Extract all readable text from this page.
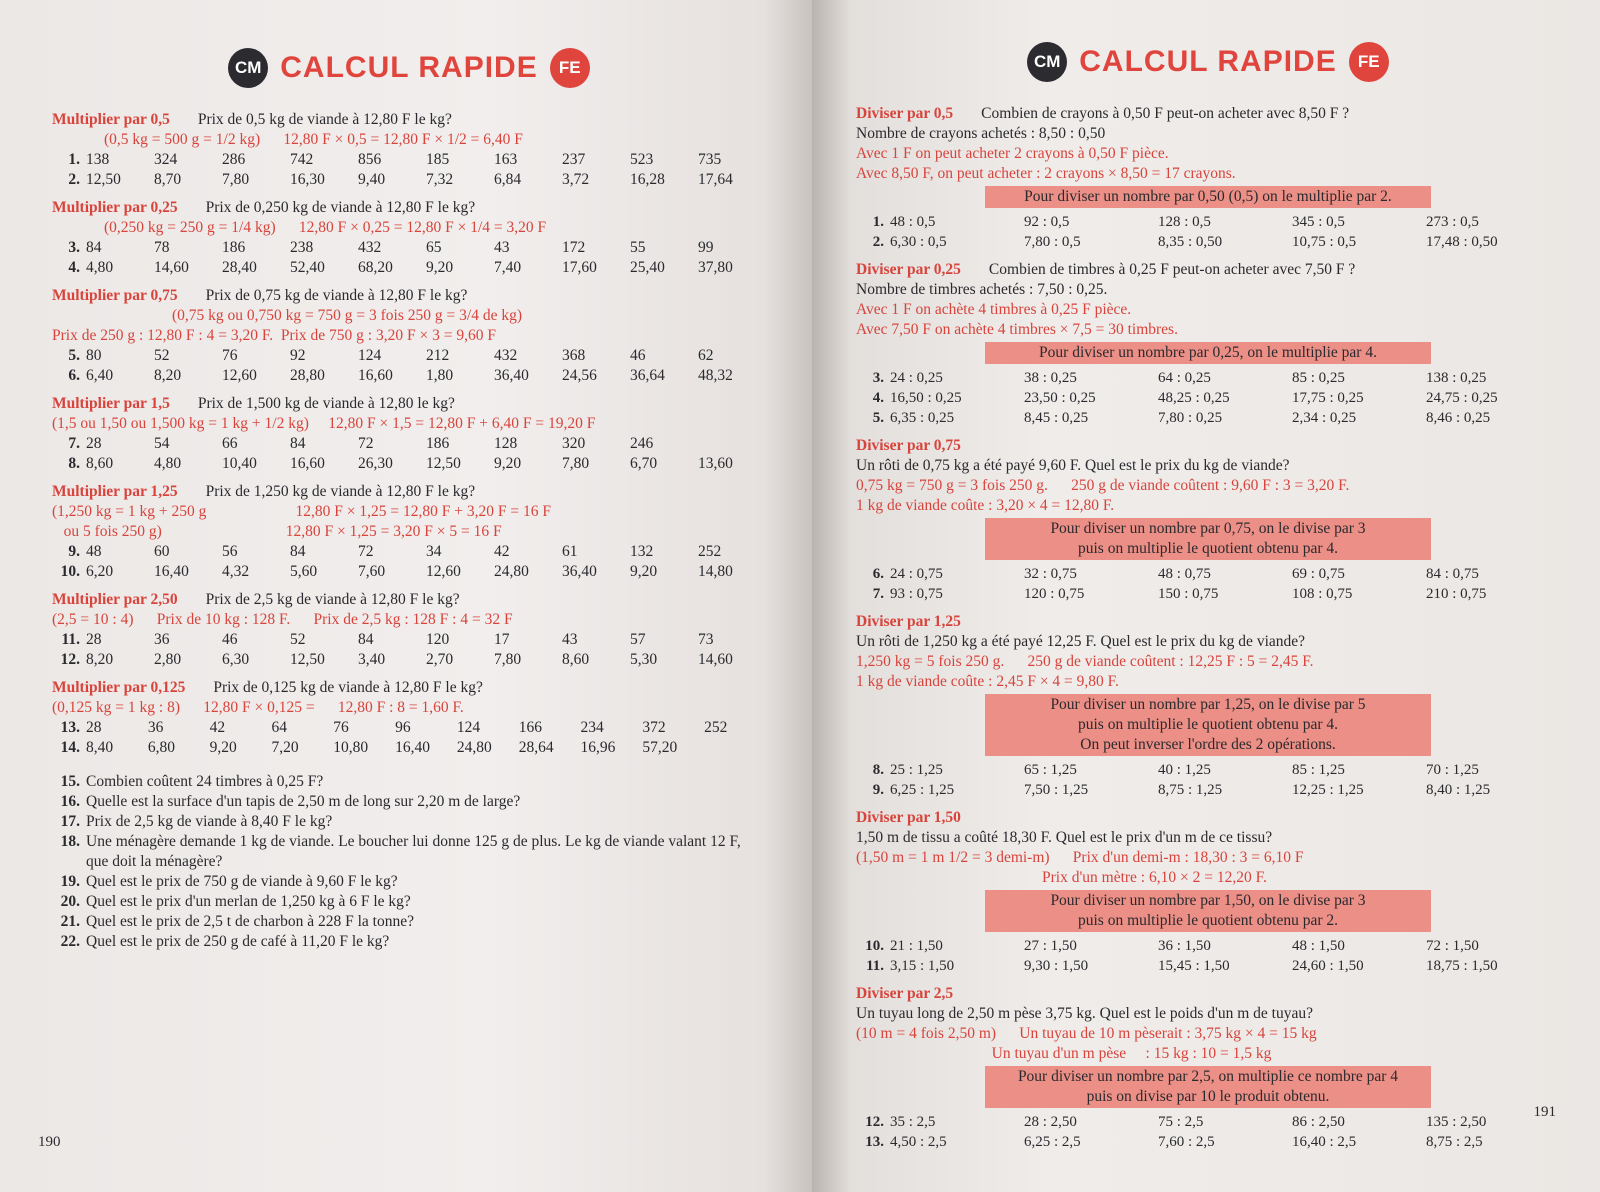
CM CALCUL RAPIDE	FE
Multiplier par 0,5 Prix de 0,5 kg de viande à 12,80 F le kg?
(0,5 kg = 500 g = 1/2 kg)      12,80 F × 0,5 = 12,80 F × 1/2 = 6,40 F
1. 138	324	286	742	856	185	163	237	523	735
2. 12,50	8,70	7,80	16,30	9,40	7,32	6,84	3,72	16,28	17,64
Multiplier par 0,25 Prix de 0,250 kg de viande à 12,80 F le kg?
(0,250 kg = 250 g = 1/4 kg)      12,80 F × 0,25 = 12,80 F × 1/4 = 3,20 F
3. 84	78	186	238	432	65	43	172	55	99
4. 4,80	14,60	28,40	52,40	68,20	9,20	7,40	17,60	25,40	37,80
Multiplier par 0,75 Prix de 0,75 kg de viande à 12,80 F le kg?
(0,75 kg ou 0,750 kg = 750 g = 3 fois 250 g = 3/4 de kg)
Prix de 250 g : 12,80 F : 4 = 3,20 F.  Prix de 750 g : 3,20 F × 3 = 9,60 F
5. 80	52	76	92	124	212	432	368	46	62
6. 6,40	8,20	12,60	28,80	16,60	1,80	36,40	24,56	36,64	48,32
Multiplier par 1,5 Prix de 1,500 kg de viande à 12,80 le kg?
(1,5 ou 1,50 ou 1,500 kg = 1 kg + 1/2 kg)     12,80 F × 1,5 = 12,80 F + 6,40 F = 19,20 F
7. 28	54	66	84	72	186	128	320	246
8. 8,60	4,80	10,40	16,60	26,30	12,50	9,20	7,80	6,70	13,60
Multiplier par 1,25 Prix de 1,250 kg de viande à 12,80 F le kg?
(1,250 kg = 1 kg + 250 g                       12,80 F × 1,25 = 12,80 F + 3,20 F = 16 F
ou 5 fois 250 g)                                12,80 F × 1,25 = 3,20 F × 5 = 16 F
9. 48	60	56	84	72	34	42	61	132	252
10. 6,20	16,40	4,32	5,60	7,60	12,60	24,80	36,40	9,20	14,80
Multiplier par 2,50 Prix de 2,5 kg de viande à 12,80 F le kg?
(2,5 = 10 : 4)      Prix de 10 kg : 128 F.      Prix de 2,5 kg : 128 F : 4 = 32 F
11. 28	36	46	52	84	120	17	43	57	73
12. 8,20	2,80	6,30	12,50	3,40	2,70	7,80	8,60	5,30	14,60
Multiplier par 0,125 Prix de 0,125 kg de viande à 12,80 F le kg?
(0,125 kg = 1 kg : 8)      12,80 F × 0,125 =      12,80 F : 8 = 1,60 F.
13. 28	36	42	64	76	96	124	166	234	372	252
14. 8,40	6,80	9,20	7,20	10,80	16,40	24,80	28,64	16,96	57,20
15. Combien coûtent 24 timbres à 0,25 F?
16. Quelle est la surface d'un tapis de 2,50 m de long sur 2,20 m de large?
17. Prix de 2,5 kg de viande à 8,40 F le kg?
18. Une ménagère demande 1 kg de viande. Le boucher lui donne 125 g de plus. Le kg de viande valant 12 F, que doit la ménagère?
19. Quel est le prix de 750 g de viande à 9,60 F le kg?
20. Quel est le prix d'un merlan de 1,250 kg à 6 F le kg?
21. Quel est le prix de 2,5 t de charbon à 228 F la tonne?
22. Quel est le prix de 250 g de café à 11,20 F le kg?
190
CM CALCUL RAPIDE	FE
Diviser par 0,5 Combien de crayons à 0,50 F peut-on acheter avec 8,50 F ?
Nombre de crayons achetés : 8,50 : 0,50
Avec 1 F on peut acheter 2 crayons à 0,50 F pièce.
Avec 8,50 F, on peut acheter : 2 crayons × 8,50 = 17 crayons.
Pour diviser un nombre par 0,50 (0,5) on le multiplie par 2.
1. 48 : 0,5	92 : 0,5	128 : 0,5	345 : 0,5	273 : 0,5
2. 6,30 : 0,5	7,80 : 0,5	8,35 : 0,50	10,75 : 0,5	17,48 : 0,50
Diviser par 0,25 Combien de timbres à 0,25 F peut-on acheter avec 7,50 F ?
Nombre de timbres achetés : 7,50 : 0,25.
Avec 1 F on achète 4 timbres à 0,25 F pièce.
Avec 7,50 F on achète 4 timbres × 7,5 = 30 timbres.
Pour diviser un nombre par 0,25, on le multiplie par 4.
3. 24 : 0,25	38 : 0,25	64 : 0,25	85 : 0,25	138 : 0,25
4. 16,50 : 0,25	23,50 : 0,25	48,25 : 0,25	17,75 : 0,25	24,75 : 0,25
5. 6,35 : 0,25	8,45 : 0,25	7,80 : 0,25	2,34 : 0,25	8,46 : 0,25
Diviser par 0,75
Un rôti de 0,75 kg a été payé 9,60 F. Quel est le prix du kg de viande?
0,75 kg = 750 g = 3 fois 250 g.      250 g de viande coûtent : 9,60 F : 3 = 3,20 F.
1 kg de viande coûte : 3,20 × 4 = 12,80 F.
Pour diviser un nombre par 0,75, on le divise par 3
puis on multiplie le quotient obtenu par 4.
6. 24 : 0,75	32 : 0,75	48 : 0,75	69 : 0,75	84 : 0,75
7. 93 : 0,75	120 : 0,75	150 : 0,75	108 : 0,75	210 : 0,75
Diviser par 1,25
Un rôti de 1,250 kg a été payé 12,25 F. Quel est le prix du kg de viande?
1,250 kg = 5 fois 250 g.      250 g de viande coûtent : 12,25 F : 5 = 2,45 F.
1 kg de viande coûte : 2,45 F × 4 = 9,80 F.
Pour diviser un nombre par 1,25, on le divise par 5
puis on multiplie le quotient obtenu par 4.
On peut inverser l'ordre des 2 opérations.
8. 25 : 1,25	65 : 1,25	40 : 1,25	85 : 1,25	70 : 1,25
9. 6,25 : 1,25	7,50 : 1,25	8,75 : 1,25	12,25 : 1,25	8,40 : 1,25
Diviser par 1,50
1,50 m de tissu a coûté 18,30 F. Quel est le prix d'un m de ce tissu?
(1,50 m = 1 m 1/2 = 3 demi-m)      Prix d'un demi-m : 18,30 : 3 = 6,10 F
Prix d'un mètre : 6,10 × 2 = 12,20 F.
Pour diviser un nombre par 1,50, on le divise par 3
puis on multiplie le quotient obtenu par 2.
10. 21 : 1,50	27 : 1,50	36 : 1,50	48 : 1,50	72 : 1,50
11. 3,15 : 1,50	9,30 : 1,50	15,45 : 1,50	24,60 : 1,50	18,75 : 1,50
Diviser par 2,5
Un tuyau long de 2,50 m pèse 3,75 kg. Quel est le poids d'un m de tuyau?
(10 m = 4 fois 2,50 m)      Un tuyau de 10 m pèserait : 3,75 kg × 4 = 15 kg
Un tuyau d'un m pèse     : 15 kg : 10 = 1,5 kg
Pour diviser un nombre par 2,5, on multiplie ce nombre par 4
puis on divise par 10 le produit obtenu.
12. 35 : 2,5	28 : 2,50	75 : 2,5	86 : 2,50	135 : 2,50
13. 4,50 : 2,5	6,25 : 2,5	7,60 : 2,5	16,40 : 2,5	8,75 : 2,5
191
